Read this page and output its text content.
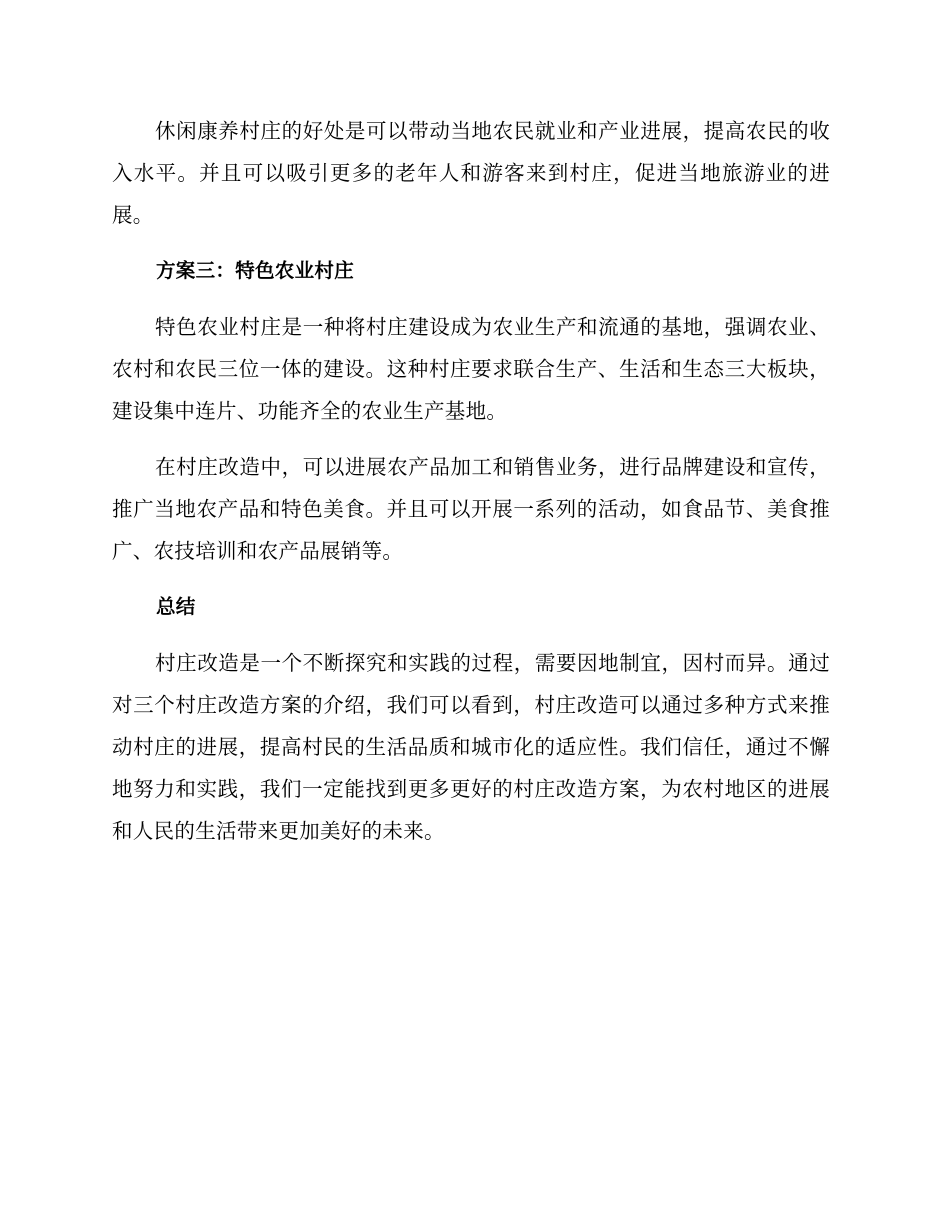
休闲康养村庄的好处是可以带动当地农民就业和产业进展，提高农民的收入水平。并且可以吸引更多的老年人和游客来到村庄，促进当地旅游业的进展。

方案三：特色农业村庄

特色农业村庄是一种将村庄建设成为农业生产和流通的基地，强调农业、农村和农民三位一体的建设。这种村庄要求联合生产、生活和生态三大板块，建设集中连片、功能齐全的农业生产基地。

在村庄改造中，可以进展农产品加工和销售业务，进行品牌建设和宣传，推广当地农产品和特色美食。并且可以开展一系列的活动，如食品节、美食推广、农技培训和农产品展销等。

总结

村庄改造是一个不断探究和实践的过程，需要因地制宜，因村而异。通过对三个村庄改造方案的介绍，我们可以看到，村庄改造可以通过多种方式来推动村庄的进展，提高村民的生活品质和城市化的适应性。我们信任，通过不懈地努力和实践，我们一定能找到更多更好的村庄改造方案，为农村地区的进展和人民的生活带来更加美好的未来。
